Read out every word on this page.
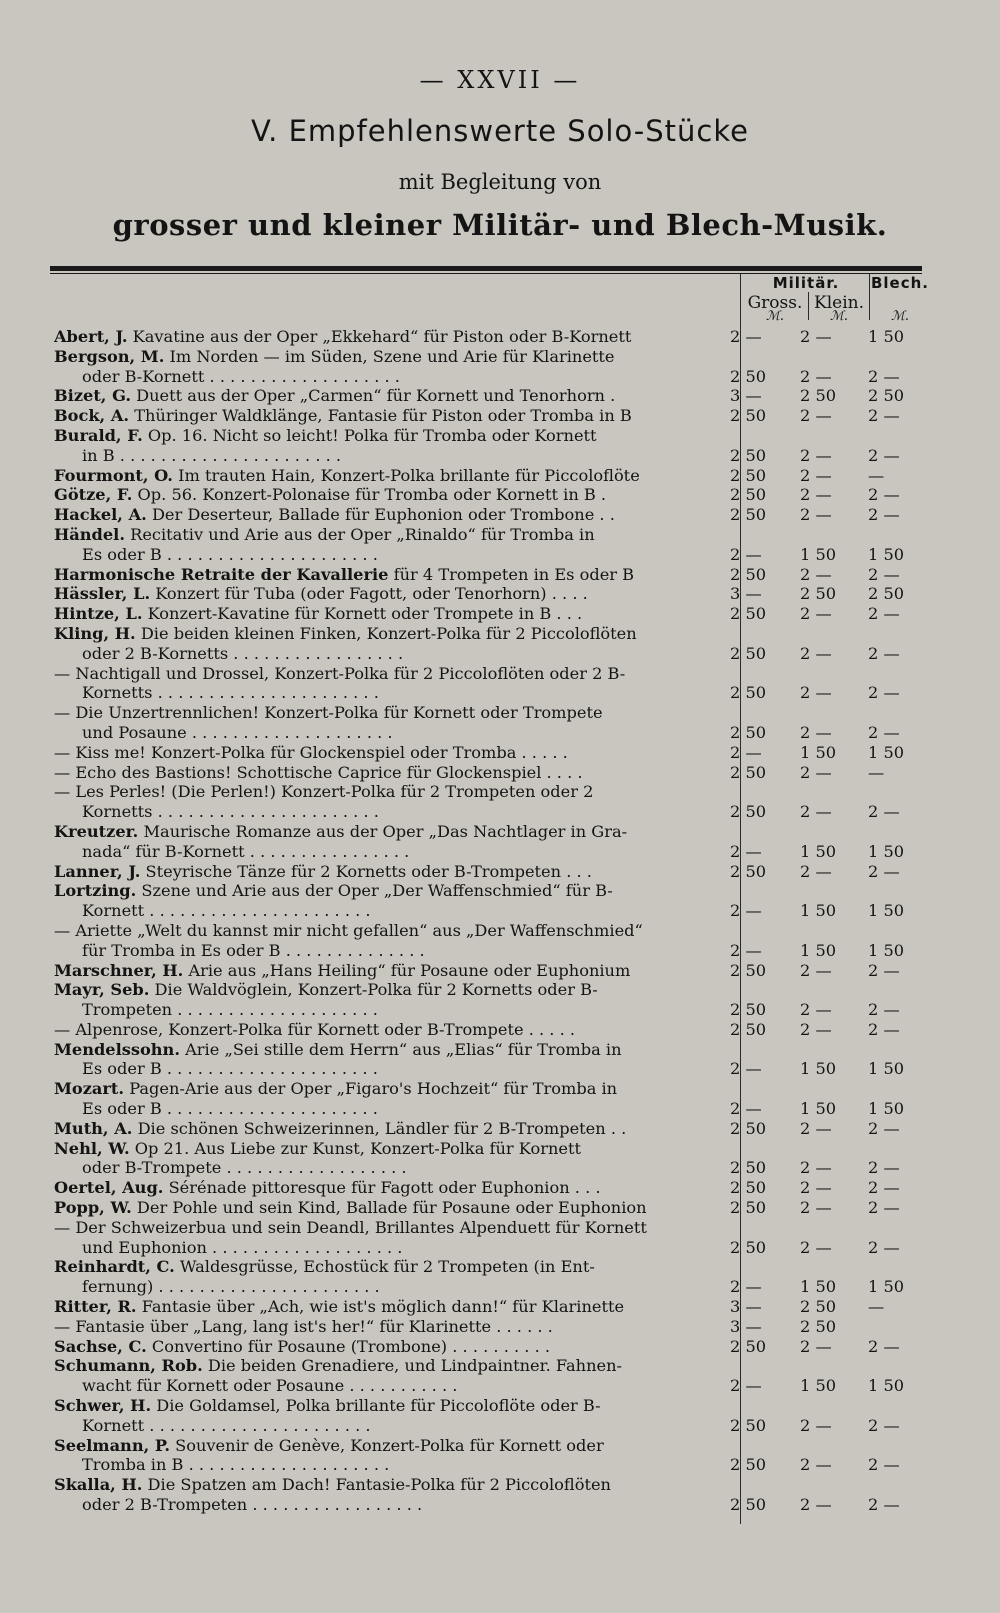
— XXVII —
V. Empfehlenswerte Solo-Stücke
mit Begleitung von
grosser und kleiner Militär- und Blech-Musik.
Militär.	Blech.
Gross. Klein.
ℳ.	ℳ.	ℳ.
Abert, J. Kavatine aus der Oper „Ekkehard“ für Piston oder B-Kornett	2 —	2 —	1 50
Bergson, M. Im Norden — im Süden, Szene und Arie für Klarinette
oder B-Kornett . . . . . . . . . . . . . . . . . . .	2 50	2 —	2 —
Bizet, G. Duett aus der Oper „Carmen“ für Kornett und Tenorhorn .	3 —	2 50	2 50
Bock, A. Thüringer Waldklänge, Fantasie für Piston oder Tromba in B	2 50	2 —	2 —
Burald, F. Op. 16. Nicht so leicht! Polka für Tromba oder Kornett
in B . . . . . . . . . . . . . . . . . . . . . .	2 50	2 —	2 —
Fourmont, O. Im trauten Hain, Konzert-Polka brillante für Piccoloflöte	2 50	2 —	—
Götze, F. Op. 56. Konzert-Polonaise für Tromba oder Kornett in B .	2 50	2 —	2 —
Hackel, A. Der Deserteur, Ballade für Euphonion oder Trombone . .	2 50	2 —	2 —
Händel. Recitativ und Arie aus der Oper „Rinaldo“ für Tromba in
Es oder B . . . . . . . . . . . . . . . . . . . . .	2 —	1 50	1 50
Harmonische Retraite der Kavallerie für 4 Trompeten in Es oder B	2 50	2 —	2 —
Hässler, L. Konzert für Tuba (oder Fagott, oder Tenorhorn) . . . .	3 —	2 50	2 50
Hintze, L. Konzert-Kavatine für Kornett oder Trompete in B . . .	2 50	2 —	2 —
Kling, H. Die beiden kleinen Finken, Konzert-Polka für 2 Piccoloflöten
oder 2 B-Kornetts . . . . . . . . . . . . . . . . .	2 50	2 —	2 —
— Nachtigall und Drossel, Konzert-Polka für 2 Piccoloflöten oder 2 B-
Kornetts . . . . . . . . . . . . . . . . . . . . . .	2 50	2 —	2 —
— Die Unzertrennlichen! Konzert-Polka für Kornett oder Trompete
und Posaune . . . . . . . . . . . . . . . . . . . .	2 50	2 —	2 —
— Kiss me! Konzert-Polka für Glockenspiel oder Tromba . . . . .	2 —	1 50	1 50
— Echo des Bastions! Schottische Caprice für Glockenspiel . . . .	2 50	2 —	—
— Les Perles! (Die Perlen!) Konzert-Polka für 2 Trompeten oder 2
Kornetts . . . . . . . . . . . . . . . . . . . . . .	2 50	2 —	2 —
Kreutzer. Maurische Romanze aus der Oper „Das Nachtlager in Gra-
nada“ für B-Kornett . . . . . . . . . . . . . . . .	2 —	1 50	1 50
Lanner, J. Steyrische Tänze für 2 Kornetts oder B-Trompeten . . .	2 50	2 —	2 —
Lortzing. Szene und Arie aus der Oper „Der Waffenschmied“ für B-
Kornett . . . . . . . . . . . . . . . . . . . . . .	2 —	1 50	1 50
— Ariette „Welt du kannst mir nicht gefallen“ aus „Der Waffenschmied“
für Tromba in Es oder B . . . . . . . . . . . . . .	2 —	1 50	1 50
Marschner, H. Arie aus „Hans Heiling“ für Posaune oder Euphonium	2 50	2 —	2 —
Mayr, Seb. Die Waldvöglein, Konzert-Polka für 2 Kornetts oder B-
Trompeten . . . . . . . . . . . . . . . . . . . .	2 50	2 —	2 —
— Alpenrose, Konzert-Polka für Kornett oder B-Trompete . . . . .	2 50	2 —	2 —
Mendelssohn. Arie „Sei stille dem Herrn“ aus „Elias“ für Tromba in
Es oder B . . . . . . . . . . . . . . . . . . . . .	2 —	1 50	1 50
Mozart. Pagen-Arie aus der Oper „Figaro's Hochzeit“ für Tromba in
Es oder B . . . . . . . . . . . . . . . . . . . . .	2 —	1 50	1 50
Muth, A. Die schönen Schweizerinnen, Ländler für 2 B-Trompeten . .	2 50	2 —	2 —
Nehl, W. Op 21. Aus Liebe zur Kunst, Konzert-Polka für Kornett
oder B-Trompete . . . . . . . . . . . . . . . . . .	2 50	2 —	2 —
Oertel, Aug. Sérénade pittoresque für Fagott oder Euphonion . . .	2 50	2 —	2 —
Popp, W. Der Pohle und sein Kind, Ballade für Posaune oder Euphonion	2 50	2 —	2 —
— Der Schweizerbua und sein Deandl, Brillantes Alpenduett für Kornett
und Euphonion . . . . . . . . . . . . . . . . . . .	2 50	2 —	2 —
Reinhardt, C. Waldesgrüsse, Echostück für 2 Trompeten (in Ent-
fernung) . . . . . . . . . . . . . . . . . . . . . .	2 —	1 50	1 50
Ritter, R. Fantasie über „Ach, wie ist's möglich dann!“ für Klarinette	3 —	2 50	—
— Fantasie über „Lang, lang ist's her!“ für Klarinette . . . . . .	3 —	2 50
Sachse, C. Convertino für Posaune (Trombone) . . . . . . . . . .	2 50	2 —	2 —
Schumann, Rob. Die beiden Grenadiere, und Lindpaintner. Fahnen-
wacht für Kornett oder Posaune . . . . . . . . . . .	2 —	1 50	1 50
Schwer, H. Die Goldamsel, Polka brillante für Piccoloflöte oder B-
Kornett . . . . . . . . . . . . . . . . . . . . . .	2 50	2 —	2 —
Seelmann, P. Souvenir de Genève, Konzert-Polka für Kornett oder
Tromba in B . . . . . . . . . . . . . . . . . . . .	2 50	2 —	2 —
Skalla, H. Die Spatzen am Dach! Fantasie-Polka für 2 Piccoloflöten
oder 2 B-Trompeten . . . . . . . . . . . . . . . . .	2 50	2 —	2 —
